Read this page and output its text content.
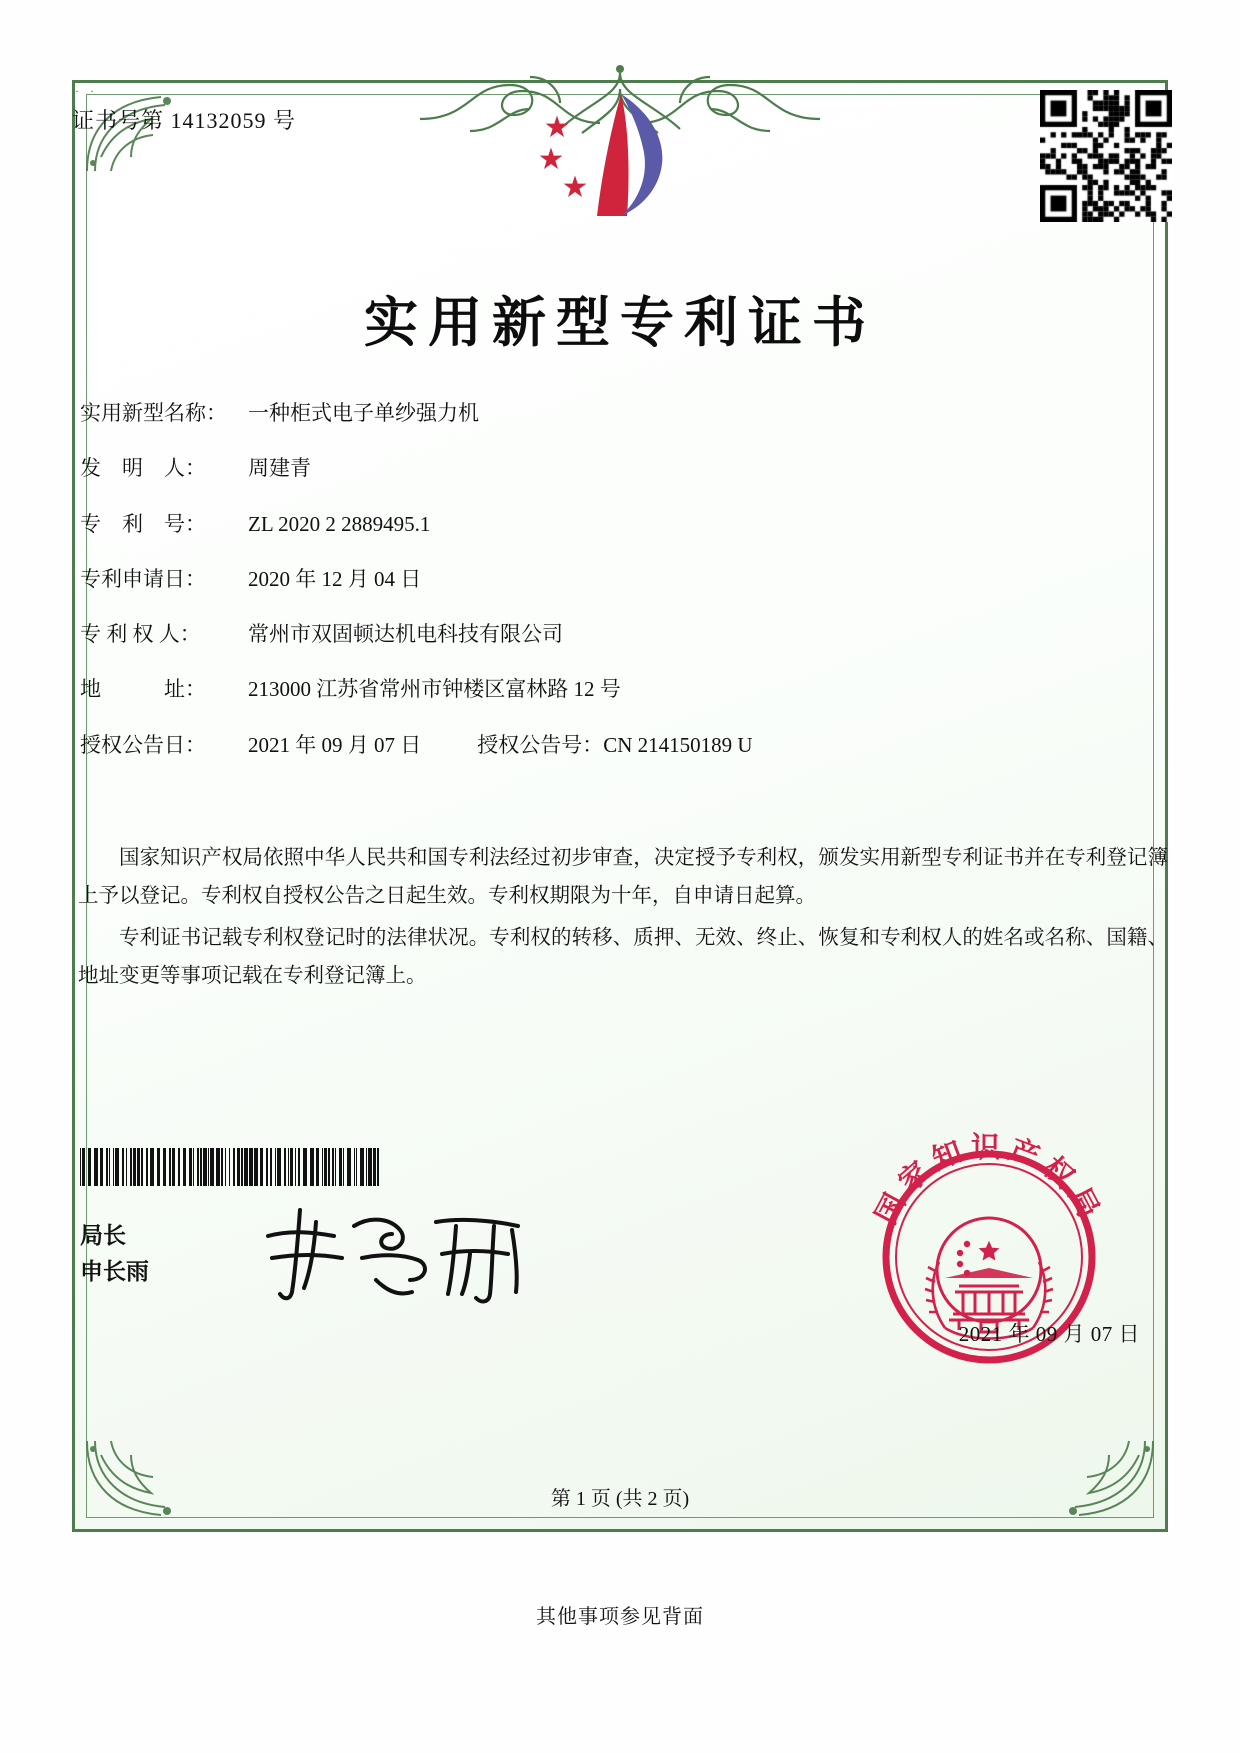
· ·
证书号第 14132059 号
实用新型专利证书
实用新型名称：	一种柜式电子单纱强力机
发　明　人：	周建青
专　利　号：	ZL 2020 2 2889495.1
专利申请日：	2020 年 12 月 04 日
专 利 权 人：	常州市双固顿达机电科技有限公司
地　　　址：	213000 江苏省常州市钟楼区富林路 12 号
授权公告日：	2021 年 09 月 07 日	授权公告号： CN 214150189 U

国家知识产权局依照中华人民共和国专利法经过初步审查，决定授予专利权，颁发实用新型专利证书并在专利登记簿上予以登记。专利权自授权公告之日起生效。专利权期限为十年，自申请日起算。

专利证书记载专利权登记时的法律状况。专利权的转移、质押、无效、终止、恢复和专利权人的姓名或名称、国籍、地址变更等事项记载在专利登记簿上。

局长
申长雨
国家知识产权局
2021 年 09 月 07 日
第 1 页 (共 2 页)
其他事项参见背面
